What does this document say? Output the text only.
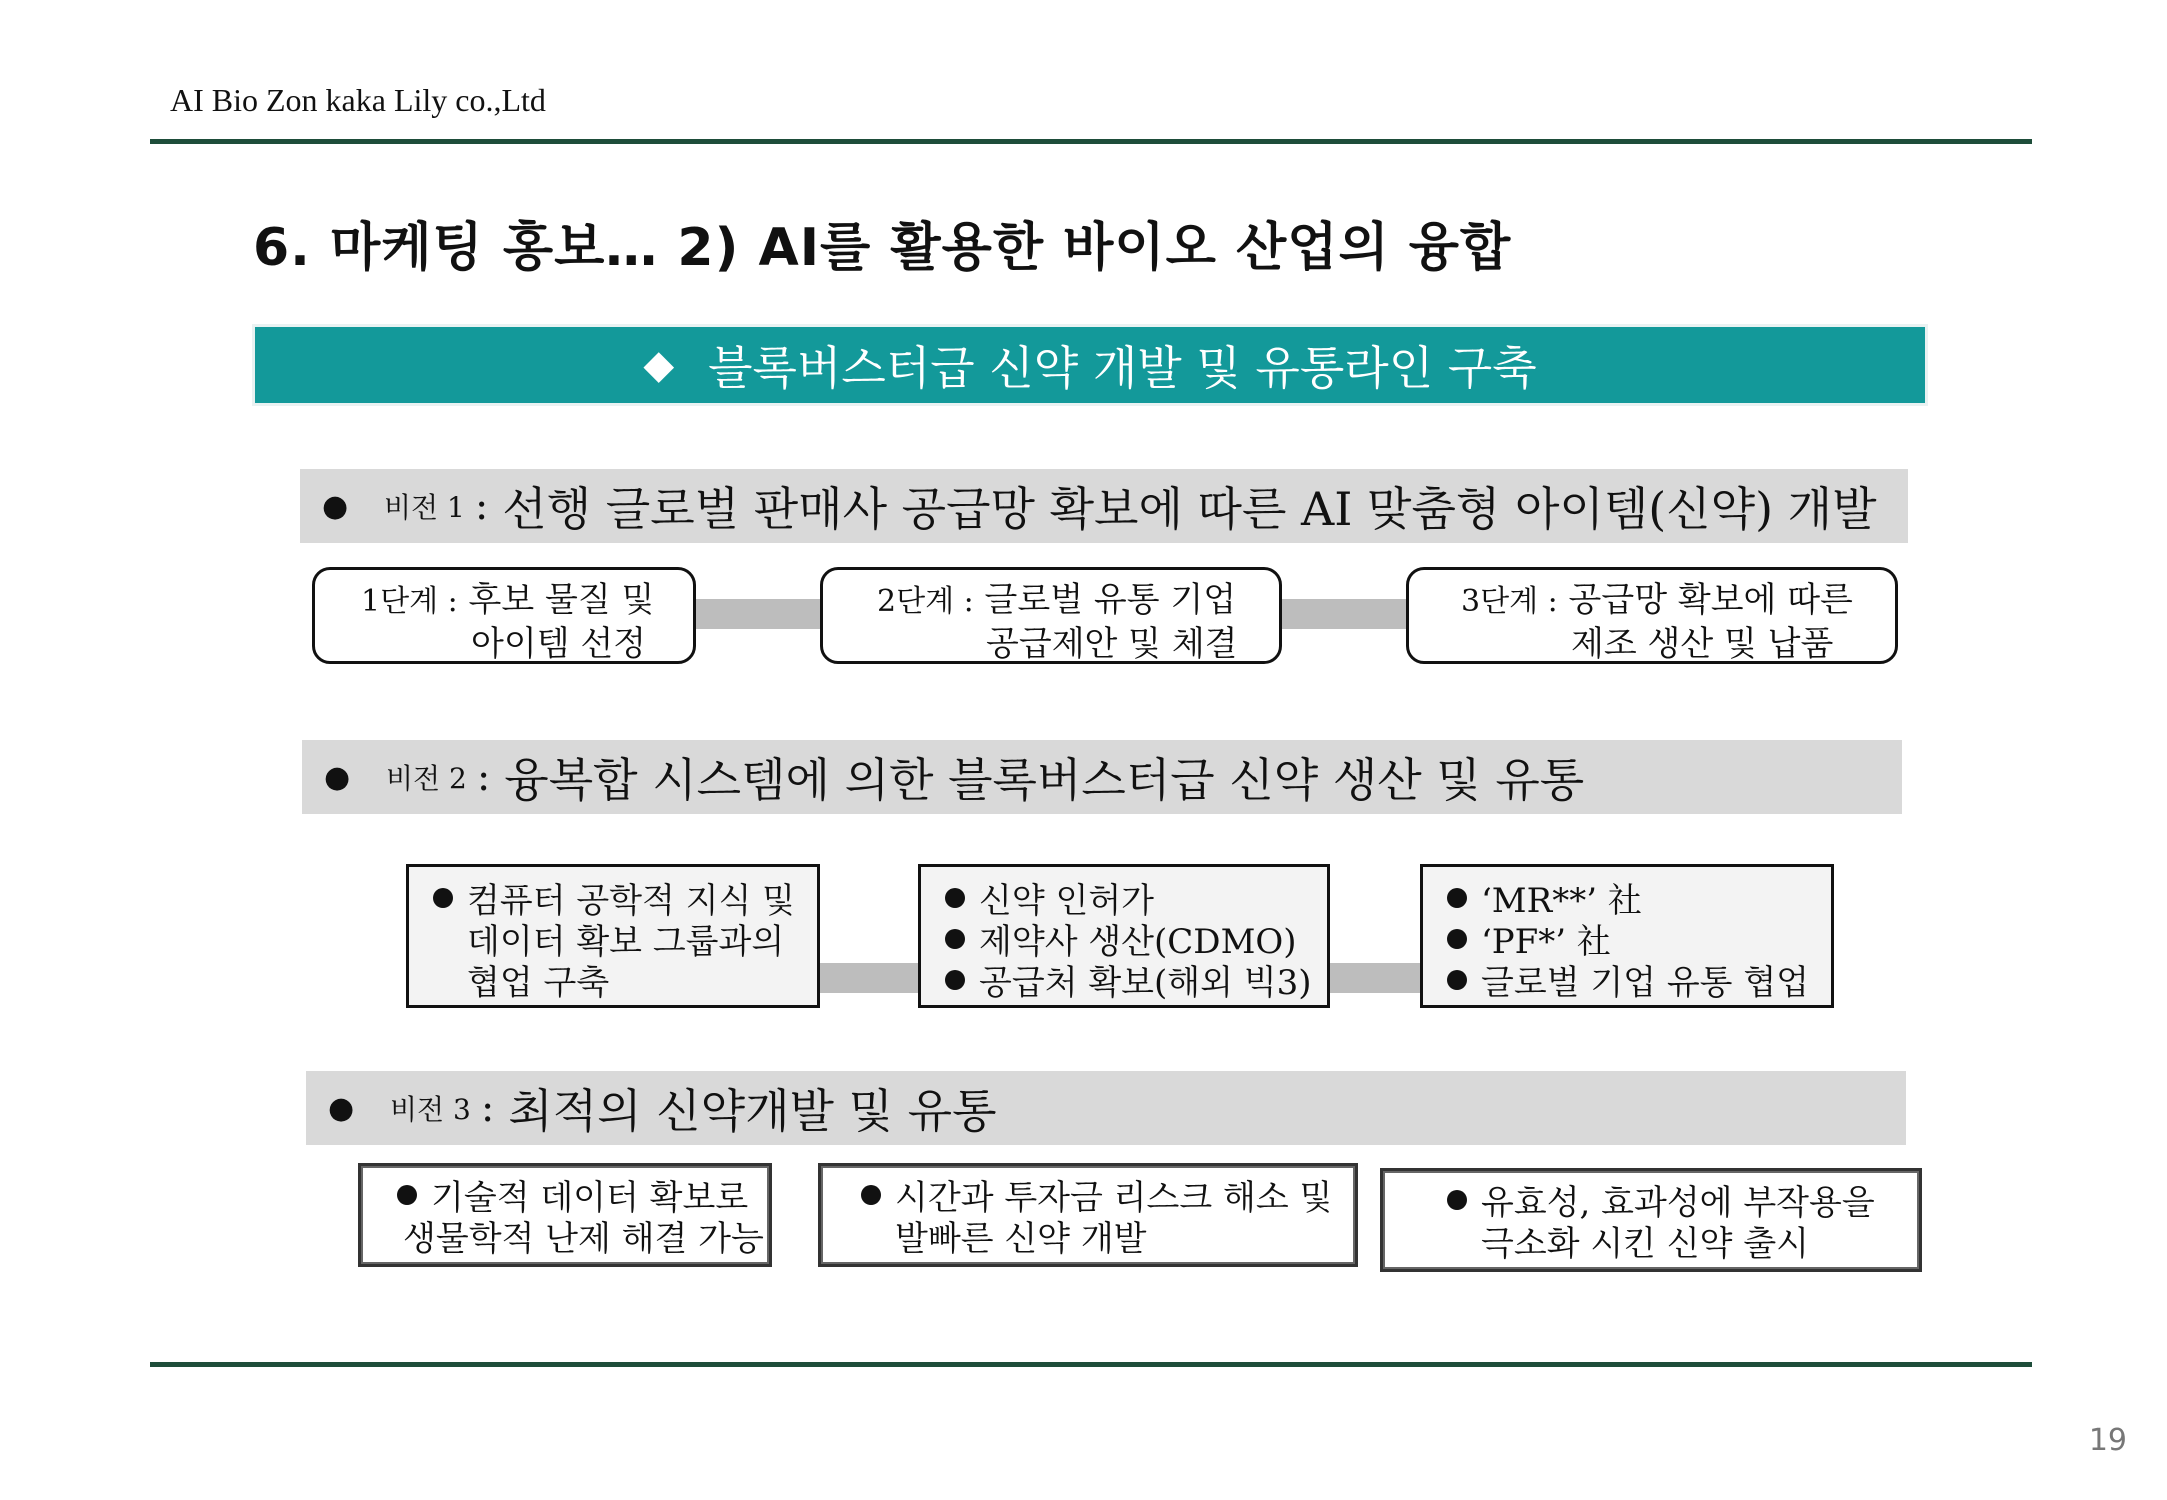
AI Bio Zon kaka Lily co.,Ltd
6. 마케팅 홍보… 2) AI를 활용한 바이오 산업의 융합
◆ 블록버스터급 신약 개발 및 유통라인 구축
●	비전 1 : 선행 글로벌 판매사 공급망 확보에 따른 AI 맞춤형 아이템(신약) 개발
1단계 : 후보 물질 및
아이템 선정
2단계 : 글로벌 유통 기업
공급제안 및 체결
3단계 : 공급망 확보에 따른
제조 생산 및 납품
●	비전 2 : 융복합 시스템에 의한 블록버스터급 신약 생산 및 유통
컴퓨터 공학적 지식 및
데이터 확보 그룹과의
협업 구축
신약 인허가
제약사 생산(CDMO)
공급처 확보(해외 빅3)
‘MR**’ 社
‘PF*’ 社
글로벌 기업 유통 협업
●	비전 3 : 최적의 신약개발 및 유통
기술적 데이터 확보로
생물학적 난제 해결 가능
시간과 투자금 리스크 해소 및
발빠른 신약 개발
유효성, 효과성에 부작용을
극소화 시킨 신약 출시
19
